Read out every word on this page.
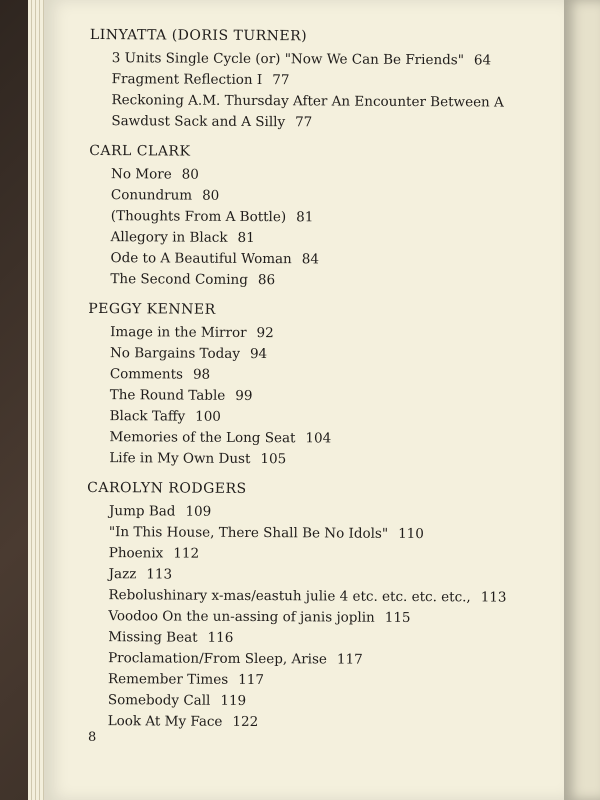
LINYATTA (DORIS TURNER)
3 Units Single Cycle (or) "Now We Can Be Friends" 64
Fragment Reflection I 77
Reckoning A.M. Thursday After An Encounter Between A Sawdust Sack and A Silly 77
CARL CLARK
No More 80
Conundrum 80
(Thoughts From A Bottle) 81
Allegory in Black 81
Ode to A Beautiful Woman 84
The Second Coming 86
PEGGY KENNER
Image in the Mirror 92
No Bargains Today 94
Comments 98
The Round Table 99
Black Taffy 100
Memories of the Long Seat 104
Life in My Own Dust 105
CAROLYN RODGERS
Jump Bad 109
"In This House, There Shall Be No Idols" 110
Phoenix 112
Jazz 113
Rebolushinary x-mas/eastuh julie 4 etc. etc. etc. etc., 113
Voodoo On the un-assing of janis joplin 115
Missing Beat 116
Proclamation/From Sleep, Arise 117
Remember Times 117
Somebody Call 119
Look At My Face 122
8
